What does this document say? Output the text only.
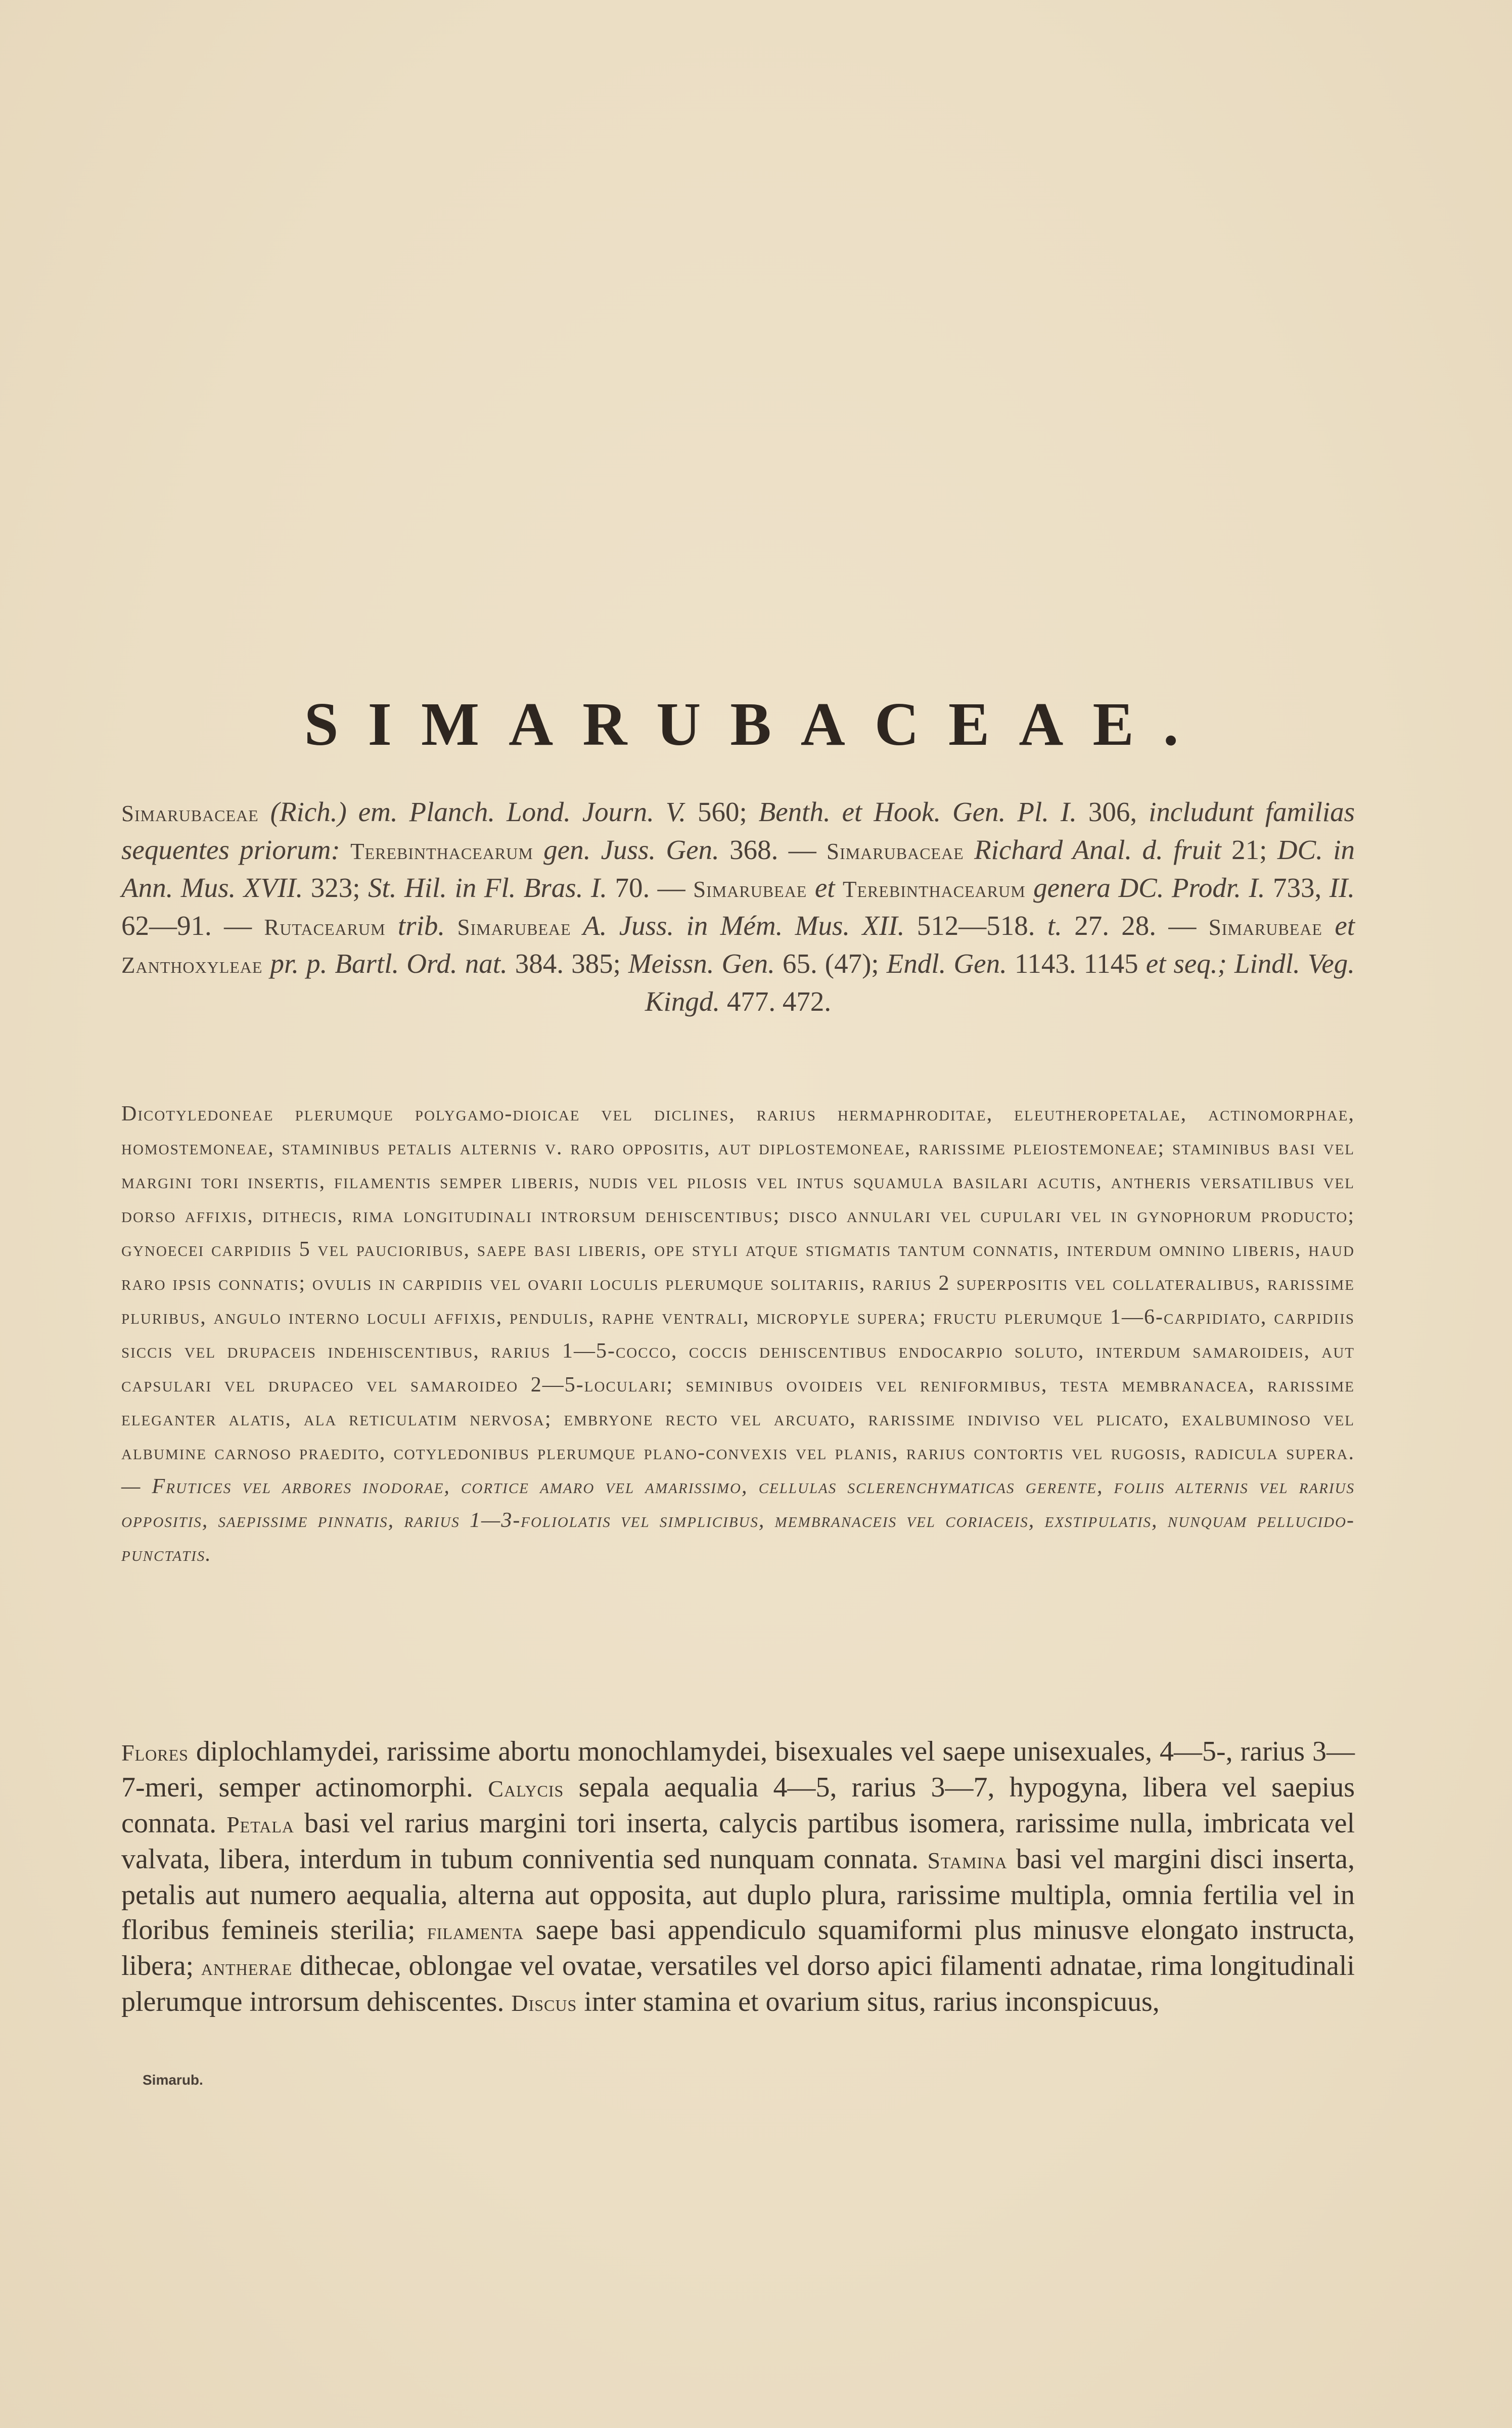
SIMARUBACEAE.
Simarubaceae (Rich.) em. Planch. Lond. Journ. V. 560; Benth. et Hook. Gen. Pl. I. 306, includunt familias sequentes priorum: Terebinthacearum gen. Juss. Gen. 368. — Simarubaceae Richard Anal. d. fruit 21; DC. in Ann. Mus. XVII. 323; St. Hil. in Fl. Bras. I. 70. — Simarubeae et Terebinthacearum genera DC. Prodr. I. 733, II. 62—91. — Rutacearum trib. Simarubeae A. Juss. in Mém. Mus. XII. 512—518. t. 27. 28. — Simarubeae et Zanthoxyleae pr. p. Bartl. Ord. nat. 384. 385; Meissn. Gen. 65. (47); Endl. Gen. 1143. 1145 et seq.; Lindl. Veg. Kingd. 477. 472.
Dicotyledoneae plerumque polygamo-dioicae vel diclines, rarius hermaphroditae, eleutheropetalae, actinomorphae, homostemoneae, staminibus petalis alternis v. raro oppositis, aut diplostemoneae, rarissime pleiostemoneae; staminibus basi vel margini tori insertis, filamentis semper liberis, nudis vel pilosis vel intus squamula basilari acutis, antheris versatilibus vel dorso affixis, dithecis, rima longitudinali introrsum dehiscentibus; disco annulari vel cupulari vel in gynophorum producto; gynoecei carpidiis 5 vel paucioribus, saepe basi liberis, ope styli atque stigmatis tantum connatis, interdum omnino liberis, haud raro ipsis connatis; ovulis in carpidiis vel ovarii loculis plerumque solitariis, rarius 2 superpositis vel collateralibus, rarissime pluribus, angulo interno loculi affixis, pendulis, raphe ventrali, micropyle supera; fructu plerumque 1—6-carpidiato, carpidiis siccis vel drupaceis indehiscentibus, rarius 1—5-cocco, coccis dehiscentibus endocarpio soluto, interdum samaroideis, aut capsulari vel drupaceo vel samaroideo 2—5-loculari; seminibus ovoideis vel reniformibus, testa membranacea, rarissime eleganter alatis, ala reticulatim nervosa; embryone recto vel arcuato, rarissime indiviso vel plicato, exalbuminoso vel albumine carnoso praedito, cotyledonibus plerumque plano-convexis vel planis, rarius contortis vel rugosis, radicula supera. — Frutices vel arbores inodorae, cortice amaro vel amarissimo, cellulas sclerenchymaticas gerente, foliis alternis vel rarius oppositis, saepissime pinnatis, rarius 1—3-foliolatis vel simplicibus, membranaceis vel coriaceis, exstipulatis, nunquam pellucido-punctatis.
Flores diplochlamydei, rarissime abortu monochlamydei, bisexuales vel saepe unisexuales, 4—5-, rarius 3—7-meri, semper actinomorphi. Calycis sepala aequalia 4—5, rarius 3—7, hypogyna, libera vel saepius connata. Petala basi vel rarius margini tori inserta, calycis partibus isomera, rarissime nulla, imbricata vel valvata, libera, interdum in tubum conniventia sed nunquam connata. Stamina basi vel margini disci inserta, petalis aut numero aequalia, alterna aut opposita, aut duplo plura, rarissime multipla, omnia fertilia vel in floribus femineis sterilia; filamenta saepe basi appendiculo squamiformi plus minusve elongato instructa, libera; antherae dithecae, oblongae vel ovatae, versatiles vel dorso apici filamenti adnatae, rima longitudinali plerumque introrsum dehiscentes. Discus inter stamina et ovarium situs, rarius inconspicuus,
Simarub.
